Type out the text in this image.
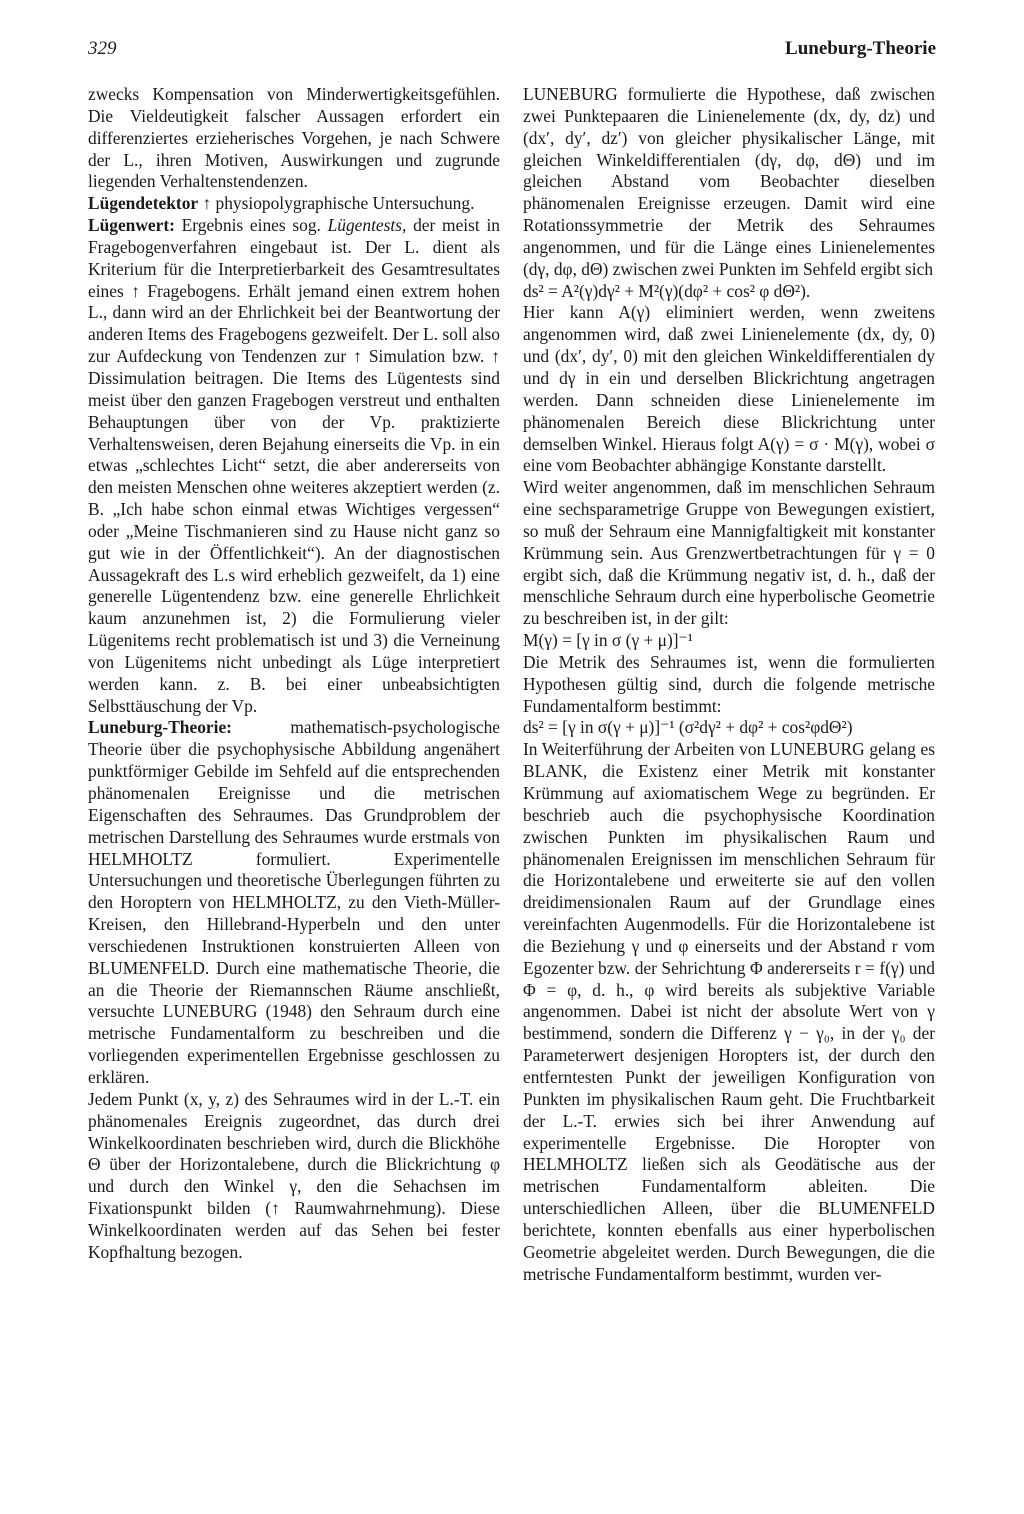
329	Luneburg-Theorie

zwecks Kompensation von Minderwertigkeitsgefühlen. Die Vieldeutigkeit falscher Aussagen erfordert ein differenziertes erzieherisches Vorgehen, je nach Schwere der L., ihren Motiven, Auswirkungen und zugrunde liegenden Verhaltenstendenzen.

Lügendetektor ↑ physiopolygraphische Untersuchung.

Lügenwert: Ergebnis eines sog. Lügentests, der meist in Fragebogenverfahren eingebaut ist. Der L. dient als Kriterium für die Interpretierbarkeit des Gesamtresultates eines ↑ Fragebogens. Erhält jemand einen extrem hohen L., dann wird an der Ehrlichkeit bei der Beantwortung der anderen Items des Fragebogens gezweifelt. Der L. soll also zur Aufdeckung von Tendenzen zur ↑ Simulation bzw. ↑ Dissimulation beitragen. Die Items des Lügentests sind meist über den ganzen Fragebogen verstreut und enthalten Behauptungen über von der Vp. praktizierte Verhaltensweisen, deren Bejahung einerseits die Vp. in ein etwas „schlechtes Licht“ setzt, die aber andererseits von den meisten Menschen ohne weiteres akzeptiert werden (z. B. „Ich habe schon einmal etwas Wichtiges vergessen“ oder „Meine Tischmanieren sind zu Hause nicht ganz so gut wie in der Öffentlichkeit“). An der diagnostischen Aussagekraft des L.s wird erheblich gezweifelt, da 1) eine generelle Lügentendenz bzw. eine generelle Ehrlichkeit kaum anzunehmen ist, 2) die Formulierung vieler Lügenitems recht problematisch ist und 3) die Verneinung von Lügenitems nicht unbedingt als Lüge interpretiert werden kann. z. B. bei einer unbeabsichtigten Selbsttäuschung der Vp.

Luneburg-Theorie: mathematisch-psychologische Theorie über die psychophysische Abbildung angenähert punktförmiger Gebilde im Sehfeld auf die entsprechenden phänomenalen Ereignisse und die metrischen Eigenschaften des Sehraumes. Das Grundproblem der metrischen Darstellung des Sehraumes wurde erstmals von HELMHOLTZ formuliert. Experimentelle Untersuchungen und theoretische Überlegungen führten zu den Horoptern von HELMHOLTZ, zu den Vieth-Müller-Kreisen, den Hillebrand-Hyperbeln und den unter verschiedenen Instruktionen konstruierten Alleen von BLUMENFELD. Durch eine mathematische Theorie, die an die Theorie der Riemannschen Räume anschließt, versuchte LUNEBURG (1948) den Sehraum durch eine metrische Fundamentalform zu beschreiben und die vorliegenden experimentellen Ergebnisse geschlossen zu erklären.

Jedem Punkt (x, y, z) des Sehraumes wird in der L.-T. ein phänomenales Ereignis zugeordnet, das durch drei Winkelkoordinaten beschrieben wird, durch die Blickhöhe Θ über der Horizontalebene, durch die Blickrichtung φ und durch den Winkel γ, den die Sehachsen im Fixationspunkt bilden (↑ Raumwahrnehmung). Diese Winkelkoordinaten werden auf das Sehen bei fester Kopfhaltung bezogen.

LUNEBURG formulierte die Hypothese, daß zwischen zwei Punktepaaren die Linienelemente (dx, dy, dz) und (dx′, dy′, dz′) von gleicher physikalischer Länge, mit gleichen Winkeldifferentialen (dγ, dφ, dΘ) und im gleichen Abstand vom Beobachter dieselben phänomenalen Ereignisse erzeugen. Damit wird eine Rotationssymmetrie der Metrik des Sehraumes angenommen, und für die Länge eines Linienelementes (dγ, dφ, dΘ) zwischen zwei Punkten im Sehfeld ergibt sich

ds² = A²(γ)dγ² + M²(γ)(dφ² + cos² φ dΘ²).

Hier kann A(γ) eliminiert werden, wenn zweitens angenommen wird, daß zwei Linienelemente (dx, dy, 0) und (dx′, dy′, 0) mit den gleichen Winkeldifferentialen dy und dγ in ein und derselben Blickrichtung angetragen werden. Dann schneiden diese Linienelemente im phänomenalen Bereich diese Blickrichtung unter demselben Winkel. Hieraus folgt A(γ) = σ · M(γ), wobei σ eine vom Beobachter abhängige Konstante darstellt.

Wird weiter angenommen, daß im menschlichen Sehraum eine sechsparametrige Gruppe von Bewegungen existiert, so muß der Sehraum eine Mannigfaltigkeit mit konstanter Krümmung sein. Aus Grenzwertbetrachtungen für γ = 0 ergibt sich, daß die Krümmung negativ ist, d. h., daß der menschliche Sehraum durch eine hyperbolische Geometrie zu beschreiben ist, in der gilt:

M(γ) = [γ in σ (γ + μ)]⁻¹

Die Metrik des Sehraumes ist, wenn die formulierten Hypothesen gültig sind, durch die folgende metrische Fundamentalform bestimmt:

ds² = [γ in σ(γ + μ)]⁻¹ (σ²dγ² + dφ² + cos²φdΘ²)

In Weiterführung der Arbeiten von LUNEBURG gelang es BLANK, die Existenz einer Metrik mit konstanter Krümmung auf axiomatischem Wege zu begründen. Er beschrieb auch die psychophysische Koordination zwischen Punkten im physikalischen Raum und phänomenalen Ereignissen im menschlichen Sehraum für die Horizontalebene und erweiterte sie auf den vollen dreidimensionalen Raum auf der Grundlage eines vereinfachten Augenmodells. Für die Horizontalebene ist die Beziehung γ und φ einerseits und der Abstand r vom Egozenter bzw. der Sehrichtung Φ andererseits r = f(γ) und Φ = φ, d. h., φ wird bereits als subjektive Variable angenommen. Dabei ist nicht der absolute Wert von γ bestimmend, sondern die Differenz γ − γ₀, in der γ₀ der Parameterwert desjenigen Horopters ist, der durch den entferntesten Punkt der jeweiligen Konfiguration von Punkten im physikalischen Raum geht. Die Fruchtbarkeit der L.-T. erwies sich bei ihrer Anwendung auf experimentelle Ergebnisse. Die Horopter von HELMHOLTZ ließen sich als Geodätische aus der metrischen Fundamentalform ableiten. Die unterschiedlichen Alleen, über die BLUMENFELD berichtete, konnten ebenfalls aus einer hyperbolischen Geometrie abgeleitet werden. Durch Bewegungen, die die metrische Fundamentalform bestimmt, wurden ver-
